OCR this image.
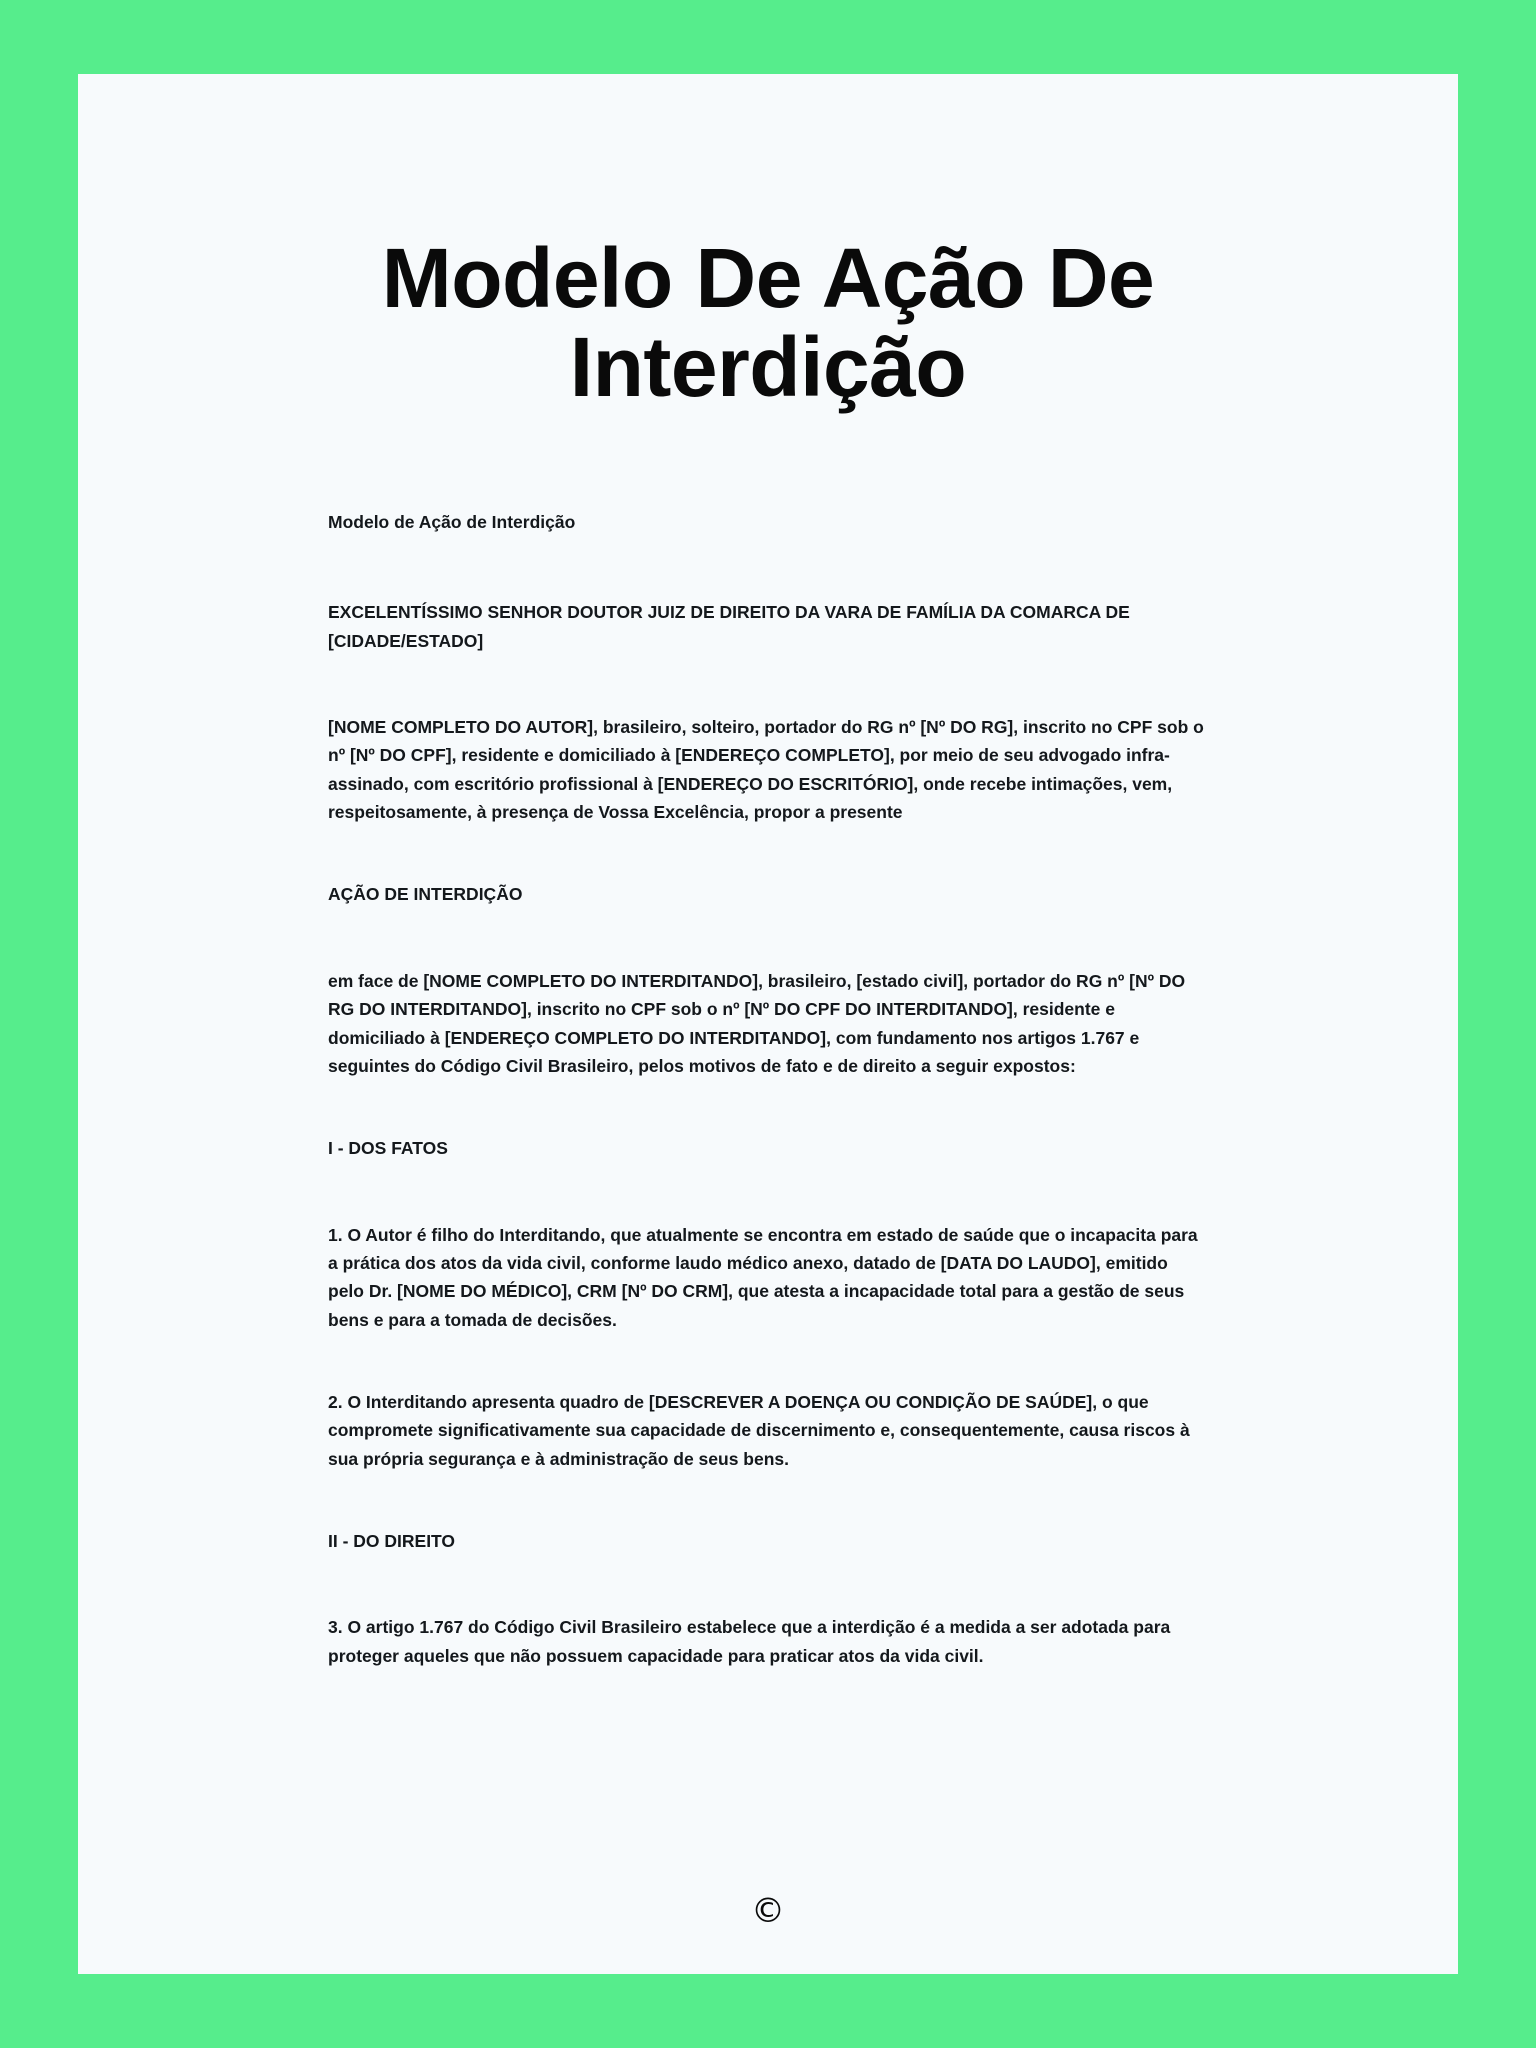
Modelo De Ação De Interdição

Modelo de Ação de Interdição

EXCELENTÍSSIMO SENHOR DOUTOR JUIZ DE DIREITO DA VARA DE FAMÍLIA DA COMARCA DE [CIDADE/ESTADO]

[NOME COMPLETO DO AUTOR], brasileiro, solteiro, portador do RG nº [Nº DO RG], inscrito no CPF sob o nº [Nº DO CPF], residente e domiciliado à [ENDEREÇO COMPLETO], por meio de seu advogado infra-assinado, com escritório profissional à [ENDEREÇO DO ESCRITÓRIO], onde recebe intimações, vem, respeitosamente, à presença de Vossa Excelência, propor a presente

AÇÃO DE INTERDIÇÃO

em face de [NOME COMPLETO DO INTERDITANDO], brasileiro, [estado civil], portador do RG nº [Nº DO RG DO INTERDITANDO], inscrito no CPF sob o nº [Nº DO CPF DO INTERDITANDO], residente e domiciliado à [ENDEREÇO COMPLETO DO INTERDITANDO], com fundamento nos artigos 1.767 e seguintes do Código Civil Brasileiro, pelos motivos de fato e de direito a seguir expostos:

I - DOS FATOS

1. O Autor é filho do Interditando, que atualmente se encontra em estado de saúde que o incapacita para a prática dos atos da vida civil, conforme laudo médico anexo, datado de [DATA DO LAUDO], emitido pelo Dr. [NOME DO MÉDICO], CRM [Nº DO CRM], que atesta a incapacidade total para a gestão de seus bens e para a tomada de decisões.

2. O Interditando apresenta quadro de [DESCREVER A DOENÇA OU CONDIÇÃO DE SAÚDE], o que compromete significativamente sua capacidade de discernimento e, consequentemente, causa riscos à sua própria segurança e à administração de seus bens.

II - DO DIREITO

3. O artigo 1.767 do Código Civil Brasileiro estabelece que a interdição é a medida a ser adotada para proteger aqueles que não possuem capacidade para praticar atos da vida civil.

©
